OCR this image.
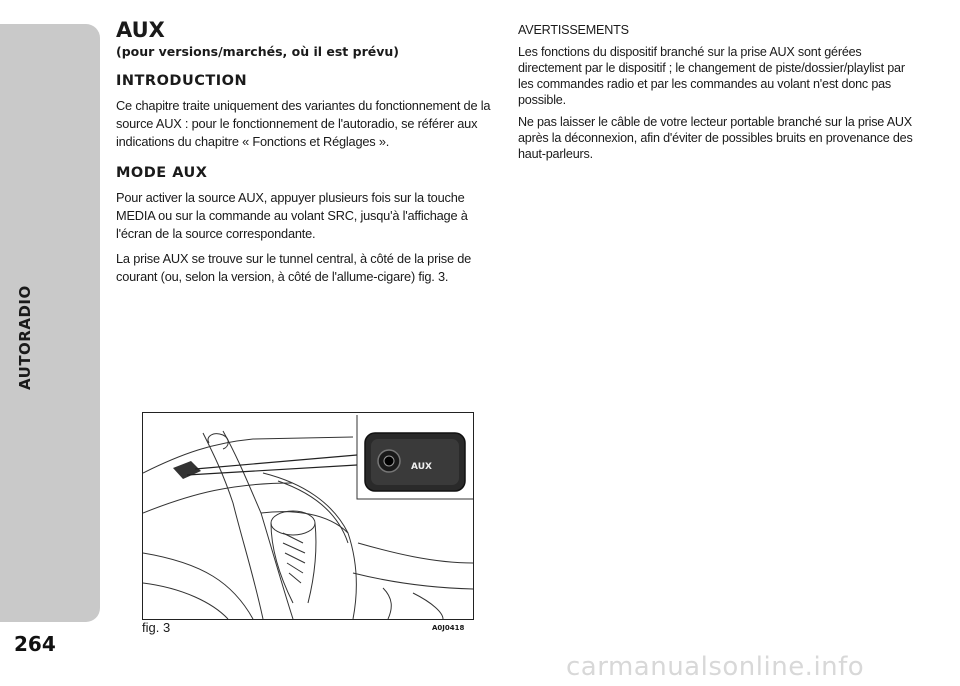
AUTORADIO
264
AUX
(pour versions/marchés, où il est prévu)
INTRODUCTION

Ce chapitre traite uniquement des variantes du fonctionnement de la source AUX : pour le fonctionnement de l'autoradio, se référer aux indications du chapitre « Fonctions et Réglages ».

MODE AUX

Pour activer la source AUX, appuyer plusieurs fois sur la touche MEDIA ou sur la commande au volant SRC, jusqu'à l'affichage à l'écran de la source correspondante.

La prise AUX se trouve sur le tunnel central, à côté de la prise de courant (ou, selon la version, à côté de l'allume-cigare) fig. 3.

AVERTISSEMENTS

Les fonctions du dispositif branché sur la prise AUX sont gérées directement par le dispositif ; le changement de piste/dossier/playlist par les commandes radio et par les commandes au volant n'est donc pas possible.

Ne pas laisser le câble de votre lecteur portable branché sur la prise AUX après la déconnexion, afin d'éviter de possibles bruits en provenance des haut-parleurs.

AUX
fig. 3	A0J0418
carmanualsonline.info
